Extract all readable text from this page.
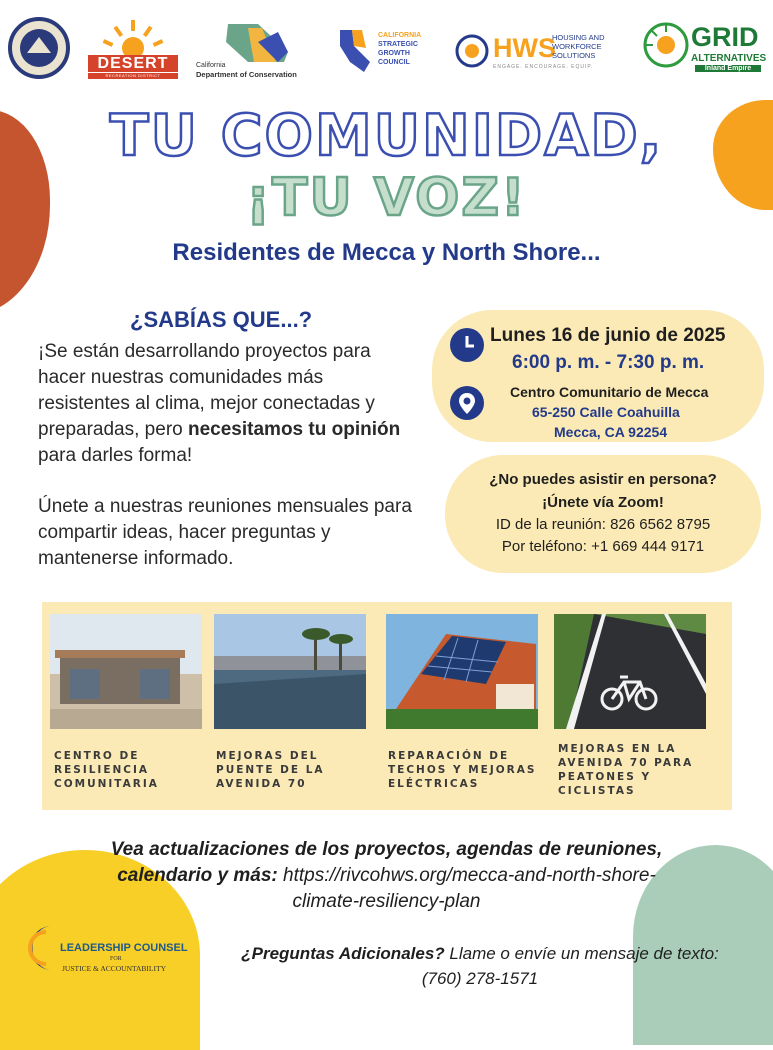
DESERT
RECREATION DISTRICT
California
Department of Conservation
CALIFORNIA
STRATEGIC
GROWTH
COUNCIL	HWS
HOUSING AND
WORKFORCE
SOLUTIONS
ENGAGE. ENCOURAGE. EQUIP.
GRID
ALTERNATIVES
Inland Empire
TU COMUNIDAD,
¡TU VOZ!
Residentes de Mecca y North Shore...
¿SABÍAS QUE...?
¡Se están desarrollando proyectos para hacer nuestras comunidades más resistentes al clima, mejor conectadas y preparadas, pero necesitamos tu opinión para darles forma!
Únete a nuestras reuniones mensuales para compartir ideas, hacer preguntas y mantenerse informado.
Lunes 16 de junio de 2025
6:00 p. m. - 7:30 p. m.
Centro Comunitario de Mecca
65-250 Calle Coahuilla
Mecca, CA 92254
¿No puedes asistir en persona?
¡Únete vía Zoom!
ID de la reunión: 826 6562 8795
Por teléfono: +1 669 444 9171
CENTRO DE RESILIENCIA COMUNITARIA
MEJORAS DEL PUENTE DE LA AVENIDA 70
REPARACIÓN DE TECHOS Y MEJORAS ELÉCTRICAS
MEJORAS EN LA AVENIDA 70 PARA PEATONES Y CICLISTAS
Vea actualizaciones de los proyectos, agendas de reuniones, calendario y más: https://rivcohws.org/mecca-and-north-shore-climate-resiliency-plan
LEADERSHIP COUNSEL
FOR
JUSTICE & ACCOUNTABILITY
¿Preguntas Adicionales? Llame o envíe un mensaje de texto:
(760) 278-1571
